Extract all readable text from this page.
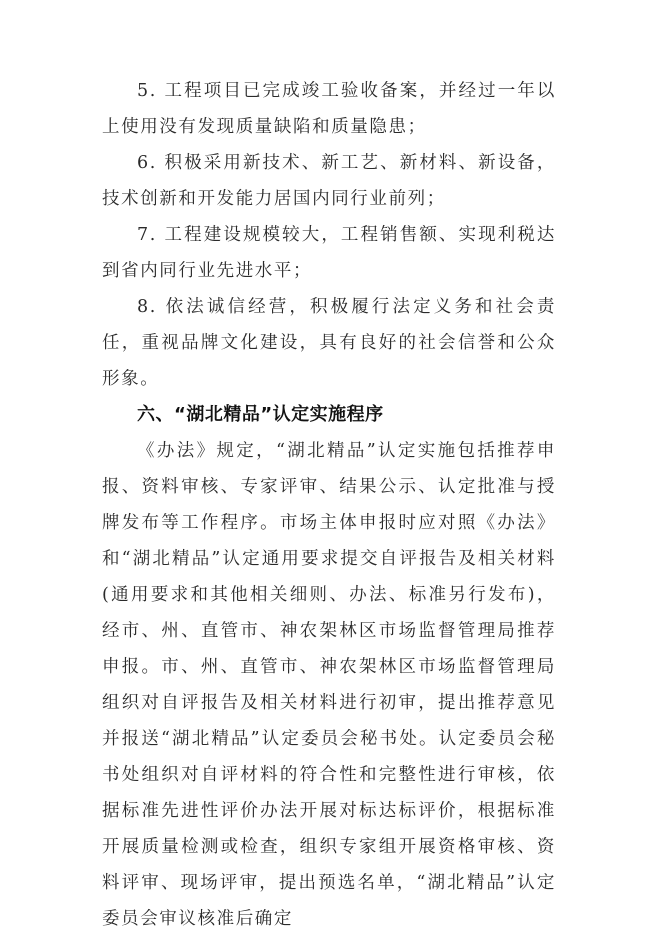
5. 工程项目已完成竣工验收备案，并经过一年以上使用没有发现质量缺陷和质量隐患；

6. 积极采用新技术、新工艺、新材料、新设备，技术创新和开发能力居国内同行业前列；

7. 工程建设规模较大，工程销售额、实现利税达到省内同行业先进水平；

8. 依法诚信经营，积极履行法定义务和社会责任，重视品牌文化建设，具有良好的社会信誉和公众形象。

六、“湖北精品”认定实施程序

《办法》规定，“湖北精品”认定实施包括推荐申报、资料审核、专家评审、结果公示、认定批准与授牌发布等工作程序。市场主体申报时应对照《办法》和“湖北精品”认定通用要求提交自评报告及相关材料(通用要求和其他相关细则、办法、标准另行发布)，经市、州、直管市、神农架林区市场监督管理局推荐申报。市、州、直管市、神农架林区市场监督管理局组织对自评报告及相关材料进行初审，提出推荐意见并报送“湖北精品”认定委员会秘书处。认定委员会秘书处组织对自评材料的符合性和完整性进行审核，依据标准先进性评价办法开展对标达标评价，根据标准开展质量检测或检查，组织专家组开展资格审核、资料评审、现场评审，提出预选名单，“湖北精品”认定委员会审议核准后确定
